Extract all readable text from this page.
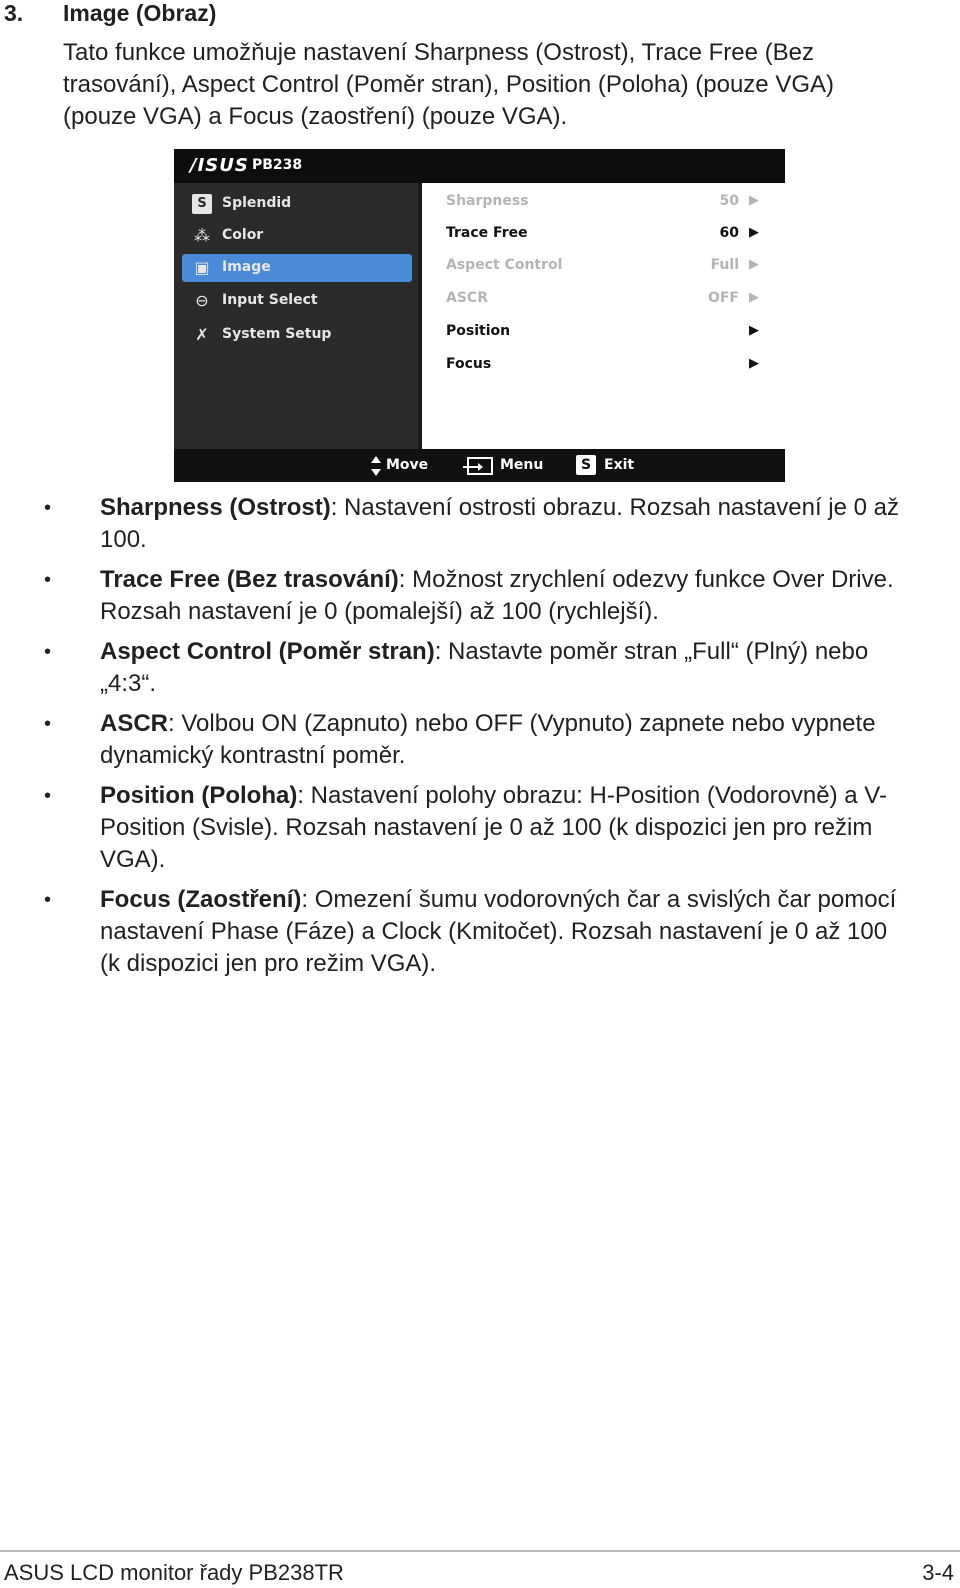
3. Image (Obraz)
Tato funkce umožňuje nastavení Sharpness (Ostrost), Trace Free (Bez trasování), Aspect Control (Poměr stran), Position (Poloha) (pouze VGA) (pouze VGA) a Focus (zaostření) (pouze VGA).
/ISUS PB238
S	Splendid
⁂ Color
▣ Image
⊖ Input Select
✗ System Setup
Sharpness	50 ▶
Trace Free	60 ▶
Aspect Control	Full ▶
ASCR	OFF ▶
Position	▶
Focus	▶
Move	Menu	S Exit
• Sharpness (Ostrost): Nastavení ostrosti obrazu. Rozsah nastavení je 0 až 100.
• Trace Free (Bez trasování): Možnost zrychlení odezvy funkce Over Drive. Rozsah nastavení je 0 (pomalejší) až 100 (rychlejší).
• Aspect Control (Poměr stran): Nastavte poměr stran „Full“ (Plný) nebo „4:3“.
• ASCR: Volbou ON (Zapnuto) nebo OFF (Vypnuto) zapnete nebo vypnete dynamický kontrastní poměr.
• Position (Poloha): Nastavení polohy obrazu: H-Position (Vodorovně) a V-Position (Svisle). Rozsah nastavení je 0 až 100 (k dispozici jen pro režim VGA).
• Focus (Zaostření): Omezení šumu vodorovných čar a svislých čar pomocí nastavení Phase (Fáze) a Clock (Kmitočet). Rozsah nastavení je 0 až 100 (k dispozici jen pro režim VGA).
ASUS LCD monitor řady PB238TR	3-4
